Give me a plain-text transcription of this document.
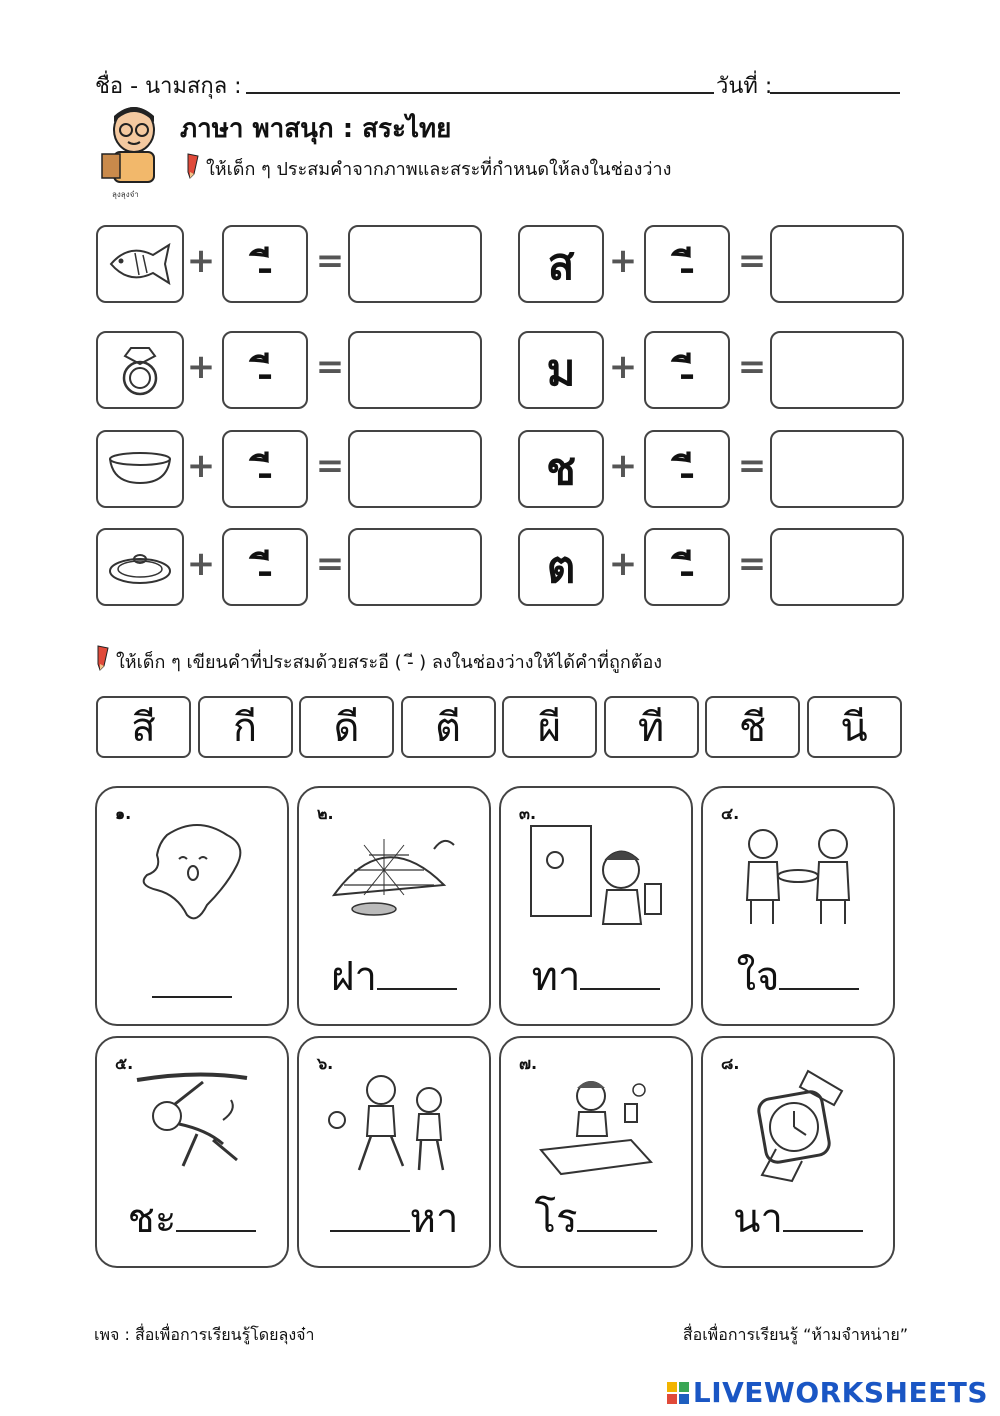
ชื่อ - นามสกุล :	วันที่ :
ลุงลุงจ๋า
ภาษา พาสนุก : สระไทย
ให้เด็ก ๆ ประสมคำจากภาพและสระที่กำหนดให้ลงในช่องว่าง
+	-ี	=	ส	+	-ี	=
+	-ี	=	ม +	-ี	=
+	-ี	=	ช +	-ี	=
+	-ี	=	ต +	-ี	=
ให้เด็ก ๆ เขียนคำที่ประสมด้วยสระอี ( -ี ) ลงในช่องว่างให้ได้คำที่ถูกต้อง
สี	กี	ดี	ตี	ผี	ที	ชี	นี
๑.	๒.
ฝา
๓.
ทา
๔.
ใจ
๕.
ชะ
๖.
หา
๗.
โร
๘.
นา
เพจ : สื่อเพื่อการเรียนรู้โดยลุงจ๋า	สื่อเพื่อการเรียนรู้ “ห้ามจำหน่าย”
LIVEWORKSHEETS
